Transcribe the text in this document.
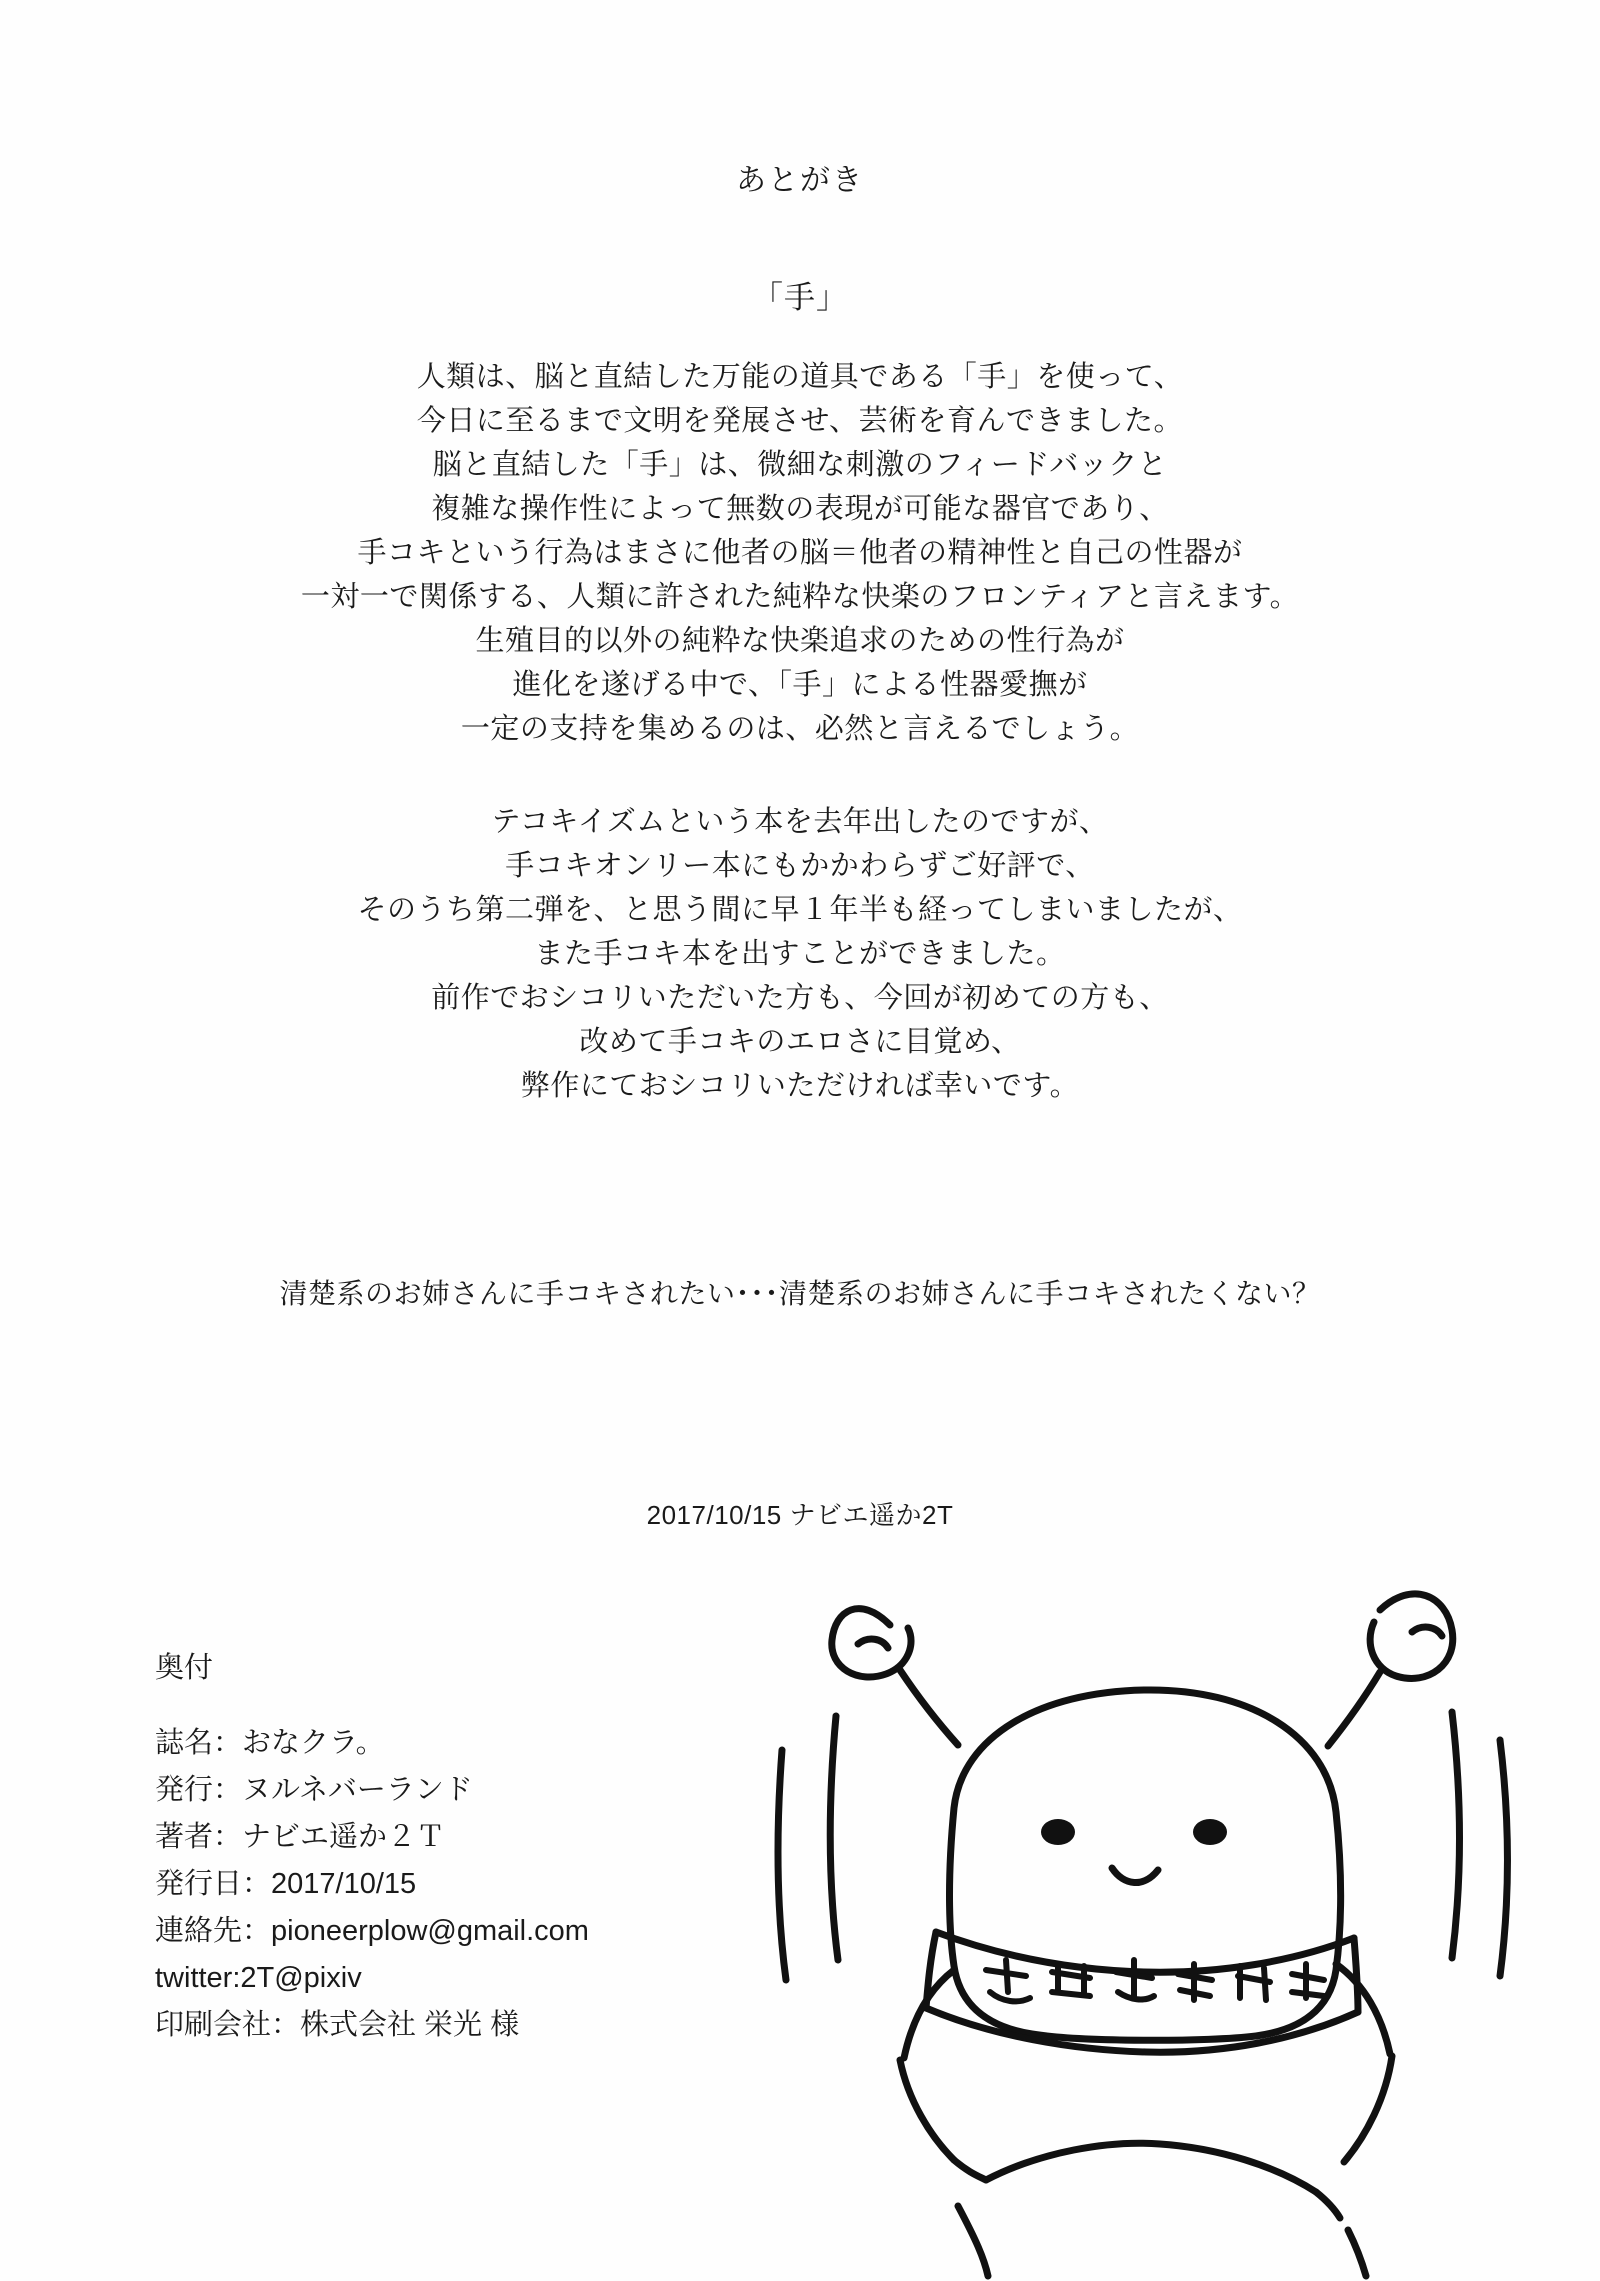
あとがき
「手」
人類は、脳と直結した万能の道具である「手」を使って、
今日に至るまで文明を発展させ、芸術を育んできました。
脳と直結した「手」は、微細な刺激のフィードバックと
複雑な操作性によって無数の表現が可能な器官であり、
手コキという行為はまさに他者の脳＝他者の精神性と自己の性器が
一対一で関係する、人類に許された純粋な快楽のフロンティアと言えます。
生殖目的以外の純粋な快楽追求のための性行為が
進化を遂げる中で、「手」による性器愛撫が
一定の支持を集めるのは、必然と言えるでしょう。
テコキイズムという本を去年出したのですが、
手コキオンリー本にもかかわらずご好評で、
そのうち第二弾を、と思う間に早１年半も経ってしまいましたが、
また手コキ本を出すことができました。
前作でおシコリいただいた方も、今回が初めての方も、
改めて手コキのエロさに目覚め、
弊作にておシコリいただければ幸いです。
清楚系のお姉さんに手コキされたい･･･清楚系のお姉さんに手コキされたくない？
2017/10/15 ナビエ遥か2T
奥付
誌名：おなクラ。
発行：ヌルネバーランド
著者：ナビエ遥か２Ｔ
発行日：2017/10/15
連絡先：pioneerplow@gmail.com
twitter:2T@pixiv
印刷会社：株式会社 栄光 様
